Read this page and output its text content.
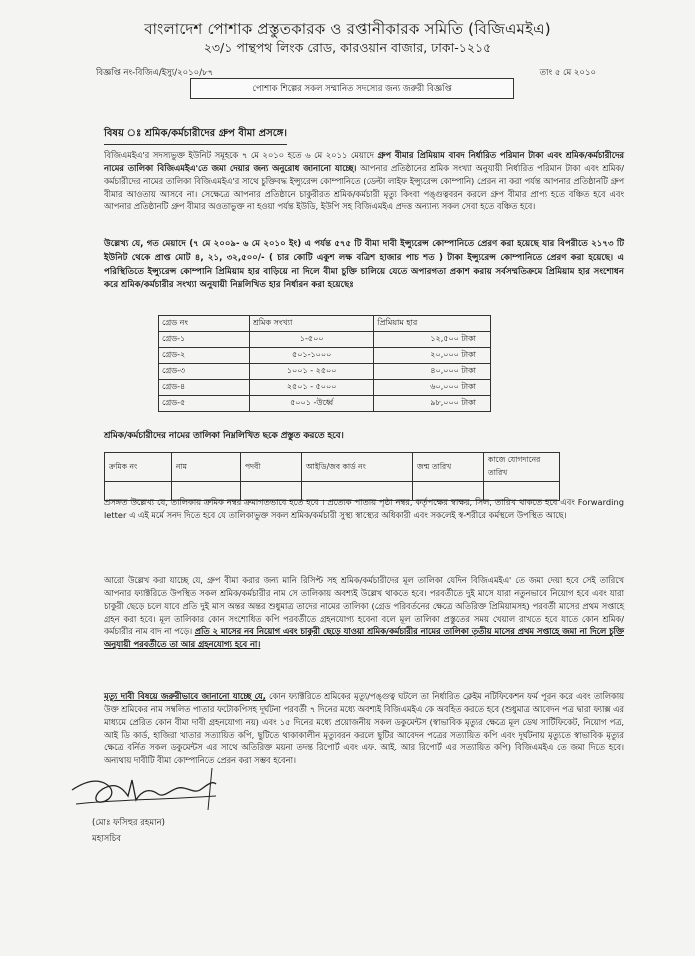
বাংলাদেশ পোশাক প্রস্তুতকারক ও রপ্তানীকারক সমিতি (বিজিএমইএ)
২৩/১ পান্থপথ লিংক রোড, কারওয়ান বাজার, ঢাকা-১২১৫
বিজ্ঞপ্তি নং-বিজিএ/ইস্যু/২০১০/৮৭	তাং ৫ মে ২০১০
পোশাক শিল্পের সকল সম্মানিত সদস্যের জন্য জরুরী বিজ্ঞপ্তি
বিষয় ঃ শ্রমিক/কর্মচারীদের গ্রুপ বীমা প্রসঙ্গে।
বিজিএমইএ'র সদস্যভুক্ত ইউনিট সমূহকে ৭ মে ২০১০ হতে ৬ মে ২০১১ মেয়াদে গ্রুপ বীমার প্রিমিয়াম বাবদ নির্ধারিত পরিমান টাকা এবং শ্রমিক/কর্মচারীদের নামের তালিকা বিজিএমইএ'তে জমা দেয়ার জন্য অনুরোধ জানানো যাচ্ছে। আপনার প্রতিষ্ঠানের শ্রমিক সংখ্যা অনুযায়ী নির্ধারিত পরিমান টাকা এবং শ্রমিক/কর্মচারীদের নামের তালিকা বিজিএমইএ'র সাথে চুক্তিবদ্ধ ইন্স্যুরেন্স কোম্পানিতে (ডেল্টা লাইফ ইন্স্যুরেন্স কোম্পানি) প্রেরন না করা পর্যন্ত আপনার প্রতিষ্ঠানটি গ্রুপ বীমার আওতায় আসবে না। সেক্ষেত্রে আপনার প্রতিষ্ঠানে চাকুরীরত শ্রমিক/কর্মচারী মৃত্যু কিংবা পঙ্গুত্ববরন করলে গ্রুপ বীমার প্রাপ্য হতে বঞ্চিত হবে এবং আপনার প্রতিষ্ঠানটি গ্রুপ বীমার অওতাভুক্ত না হওয়া পর্যন্ত ইউডি, ইউপি সহ বিজিএমইএ প্রদত্ত অন্যান্য সকল সেবা হতে বঞ্চিত হবে।
উল্লেখ্য যে, গত মেয়াদে (৭ মে ২০০৯- ৬ মে ২০১০ ইং) এ পর্যন্ত ৫৭৫ টি বীমা দাবী ইন্স্যুরেন্স কোম্পানিতে প্রেরণ করা হয়েছে যার বিপরীতে ২১৭৩ টি ইউনিট থেকে প্রাপ্ত মোট ৪, ২১, ৩২,৫০০/- ( চার কোটি একুশ লক্ষ বত্রিশ হাজার পাচ শত ) টাকা ইন্স্যুরেন্স কোম্পানিতে প্রেরণ করা হয়েছে। এ পরিস্থিতিতে ইন্স্যুরেন্স কোম্পানি প্রিমিয়াম হার বাড়িয়ে না দিলে বীমা চুক্তি চালিয়ে যেতে অপারগতা প্রকাশ করায় সর্বসম্মতিক্রমে প্রিমিয়াম হার সংশোধন করে শ্রমিক/কর্মচারীর সংখ্যা অনুযায়ী নিম্নলিখিত হার নির্ধারন করা হয়েছেঃ
গ্রেড নং	শ্রমিক সংখ্যা	প্রিমিয়াম হার
গ্রেড-১	১-৫০০	১২,৫০০ টাকা
গ্রেড-২	৫০১-১০০০	২০,০০০ টাকা
গ্রেড-৩	১০০১ - ২৫০০	৪০,০০০ টাকা
গ্রেড-৪	২৫০১ - ৫০০০	৬০,০০০ টাকা
গ্রেড-৫	৫০০১ -উর্ধ্বে	৯৮,০০০ টাকা
শ্রমিক/কর্মচারীদের নামের তালিকা নিম্নলিখিত ছকে প্রস্তুত করতে হবে।
ক্রমিক নং	নাম	পদবী	আইডি/জব কার্ড নং	জন্ম তারিখ	কাজে যোগদানের তারিখ

প্রসঙ্গত উল্লেখ্য যে, তালিকায় ক্রমিক নম্বর ক্রমাগতভাবে হতে হবে । প্রত্যেক পাতায় পৃষ্ঠা নম্বর, কর্তৃপক্ষের স্বাক্ষর, সিল, তারিখ থাকতে হবে এবং Forwarding letter এ এই মর্মে সনদ দিতে হবে যে তালিকাভুক্ত সকল শ্রমিক/কর্মচারী সুস্থ্য স্বাস্থ্যের অধিকারী এবং সকলেই স্ব-শরীরে কর্মস্থলে উপস্থিত আছে।
আরো উল্লেখ করা যাচ্ছে যে, গ্রুপ বীমা করার জন্য মানি রিসিপ্ট সহ শ্রমিক/কর্মচারীদের মূল তালিকা যেদিন বিজিএমইএ' তে জমা দেয়া হবে সেই তারিখে আপনার ফ্যাক্টরিতে উপস্থিত সকল শ্রমিক/কর্মচারীর নাম সে তালিকায় অবশ্যই উল্লেখ থাকতে হবে। পরবর্তীতে দুই মাসে যারা নতুনভাবে নিয়োগ হবে এবং যারা চাকুরী ছেড়ে চলে যাবে প্রতি দুই মাস অন্তর অন্তর শুধুমাত্র তাদের নামের তালিকা (গ্রেড পরিবর্তনের ক্ষেত্রে অতিরিক্ত প্রিমিয়ামসহ) পরবর্তী মাসের প্রথম সপ্তাহে গ্রহন করা হবে। মূল তালিকার কোন সংশোধিত কপি পরবর্তীতে গ্রহনযোগ্য হবেনা বলে মূল তালিকা প্রস্তুতের সময় খেয়াল রাখতে হবে যাতে কোন শ্রমিক/কর্মচারীর নাম বাদ না পড়ে। প্রতি ২ মাসের নব নিয়োগ এবং চাকুরী ছেড়ে যাওয়া শ্রমিক/কর্মচারীর নামের তালিকা তৃতীয় মাসের প্রথম সপ্তাহে জমা না দিলে চুক্তি অনুযায়ী পরবর্তীতে তা আর গ্রহনযোগ্য হবে না।
মৃত্যু দাবী বিষয়ে জরুরীভাবে জানানো যাচ্ছে যে, কোন ফ্যাক্টরিতে শ্রমিকের মৃত্যু/পঙ্গুত্ব ঘটলে তা নির্ধারিত ক্লেইম নটিফিকেশন ফর্ম পূরন করে এবং তালিকায় উক্ত শ্রমিকের নাম সম্বলিত পাতার ফটোকপিসহ দূর্ঘটনা পরবর্তী ৭ দিনের মধ্যে অবশ্যই বিজিএমইএ কে অবহিত করতে হবে (শুধুমাত্র আবেদন পত্র দ্বারা ফ্যাক্স এর মাধ্যমে প্রেরিত কোন বীমা দাবী গ্রহনযোগ্য নয়) এবং ১৫ দিনের মধ্যে প্রয়োজনীয় সকল ডকুমেন্টস (স্বাভাবিক মৃত্যুর ক্ষেত্রে মূল ডেথ সার্টিফিকেট, নিয়োগ পত্র, আই ডি কার্ড, হাজিরা খাতার সত্যায়িত কপি, ছুটিতে থাকাকালীন মৃত্যুবরন করলে ছুটির আবেদন পত্রের সত্যায়িত কপি এবং দূর্ঘটনায় মৃত্যুতে স্বাভাবিক মৃত্যুর ক্ষেত্রে বর্নিত সকল ডকুমেন্টস এর সাথে অতিরিক্ত ময়না তদন্ত রিপোর্ট এবং এফ. আই. আর রিপোর্ট এর সত্যায়িত কপি) বিজিএমইএ তে জমা দিতে হবে। অন্যথায় দাবীটি বীমা কোম্পানিতে প্রেরন করা সম্ভব হবেনা।
(মোঃ ফসিহুর রহমান)
মহাসচিব
